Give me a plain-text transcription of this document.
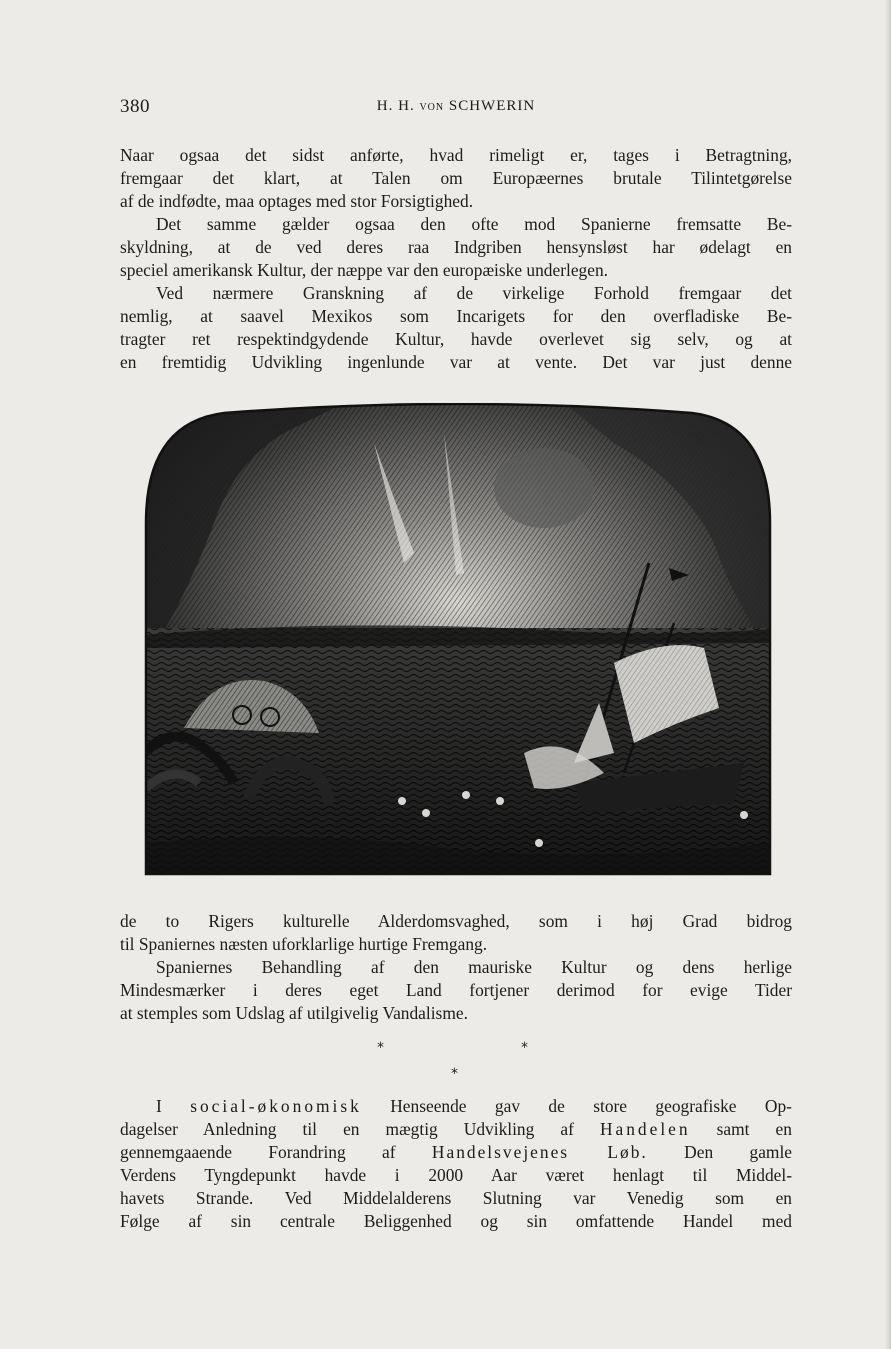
380	H. H. VON SCHWERIN
Naar ogsaa det sidst anførte, hvad rimeligt er, tages i Betragtning,
fremgaar det klart, at Talen om Europæernes brutale Tilintetgørelse
af de indfødte, maa optages med stor Forsigtighed.
Det samme gælder ogsaa den ofte mod Spanierne fremsatte Be-
skyldning, at de ved deres raa Indgriben hensynsløst har ødelagt en
speciel amerikansk Kultur, der næppe var den europæiske underlegen.
Ved nærmere Granskning af de virkelige Forhold fremgaar det
nemlig, at saavel Mexikos som Incarigets for den overfladiske Be-
tragter ret respektindgydende Kultur, havde overlevet sig selv, og at
en fremtidig Udvikling ingenlunde var at vente. Det var just denne
de to Rigers kulturelle Alderdomsvaghed, som i høj Grad bidrog
til Spaniernes næsten uforklarlige hurtige Fremgang.
Spaniernes Behandling af den mauriske Kultur og dens herlige
Mindesmærker i deres eget Land fortjener derimod for evige Tider
at stemples som Udslag af utilgivelig Vandalisme.
*	*
*
I social-økonomisk Henseende gav de store geografiske Op-
dagelser Anledning til en mægtig Udvikling af Handelen samt en
gennemgaaende Forandring af Handelsvejenes Løb. Den gamle
Verdens Tyngdepunkt havde i 2000 Aar været henlagt til Middel-
havets Strande. Ved Middelalderens Slutning var Venedig som en
Følge af sin centrale Beliggenhed og sin omfattende Handel med
